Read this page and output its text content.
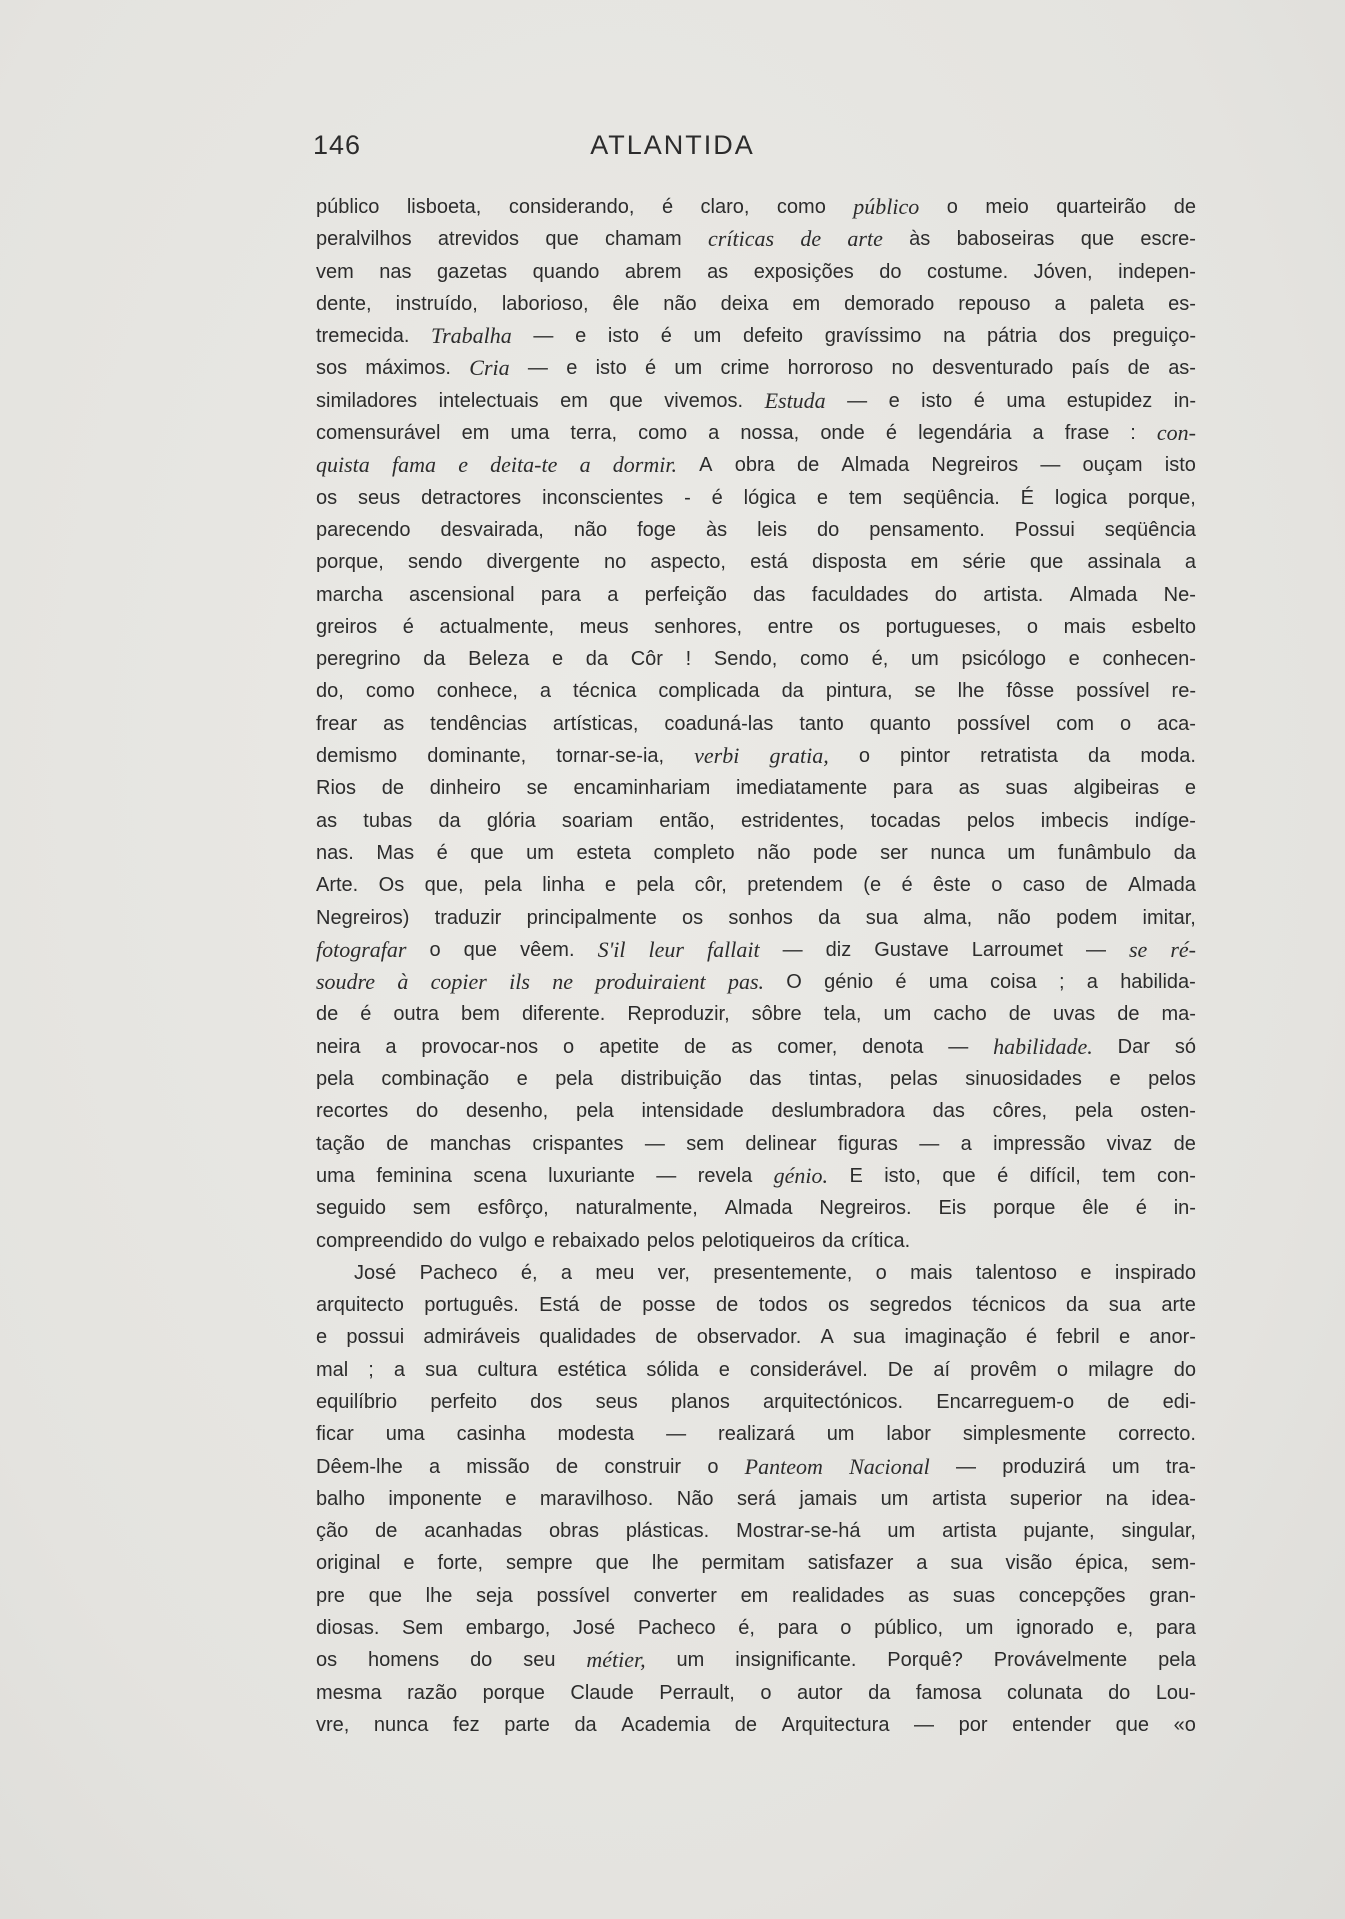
146	ATLANTIDA
público lisboeta, considerando, é claro, como público o meio quarteirão de
peralvilhos atrevidos que chamam críticas de arte às baboseiras que escre-
vem nas gazetas quando abrem as exposições do costume. Jóven, indepen-
dente, instruído, laborioso, êle não deixa em demorado repouso a paleta es-
tremecida. Trabalha — e isto é um defeito gravíssimo na pátria dos preguiço-
sos máximos. Cria — e isto é um crime horroroso no desventurado país de as-
similadores intelectuais em que vivemos. Estuda — e isto é uma estupidez in-
comensurável em uma terra, como a nossa, onde é legendária a frase : con-
quista fama e deita-te a dormir. A obra de Almada Negreiros — ouçam isto
os seus detractores inconscientes - é lógica e tem seqüência. É logica porque,
parecendo desvairada, não foge às leis do pensamento. Possui seqüência
porque, sendo divergente no aspecto, está disposta em série que assinala a
marcha ascensional para a perfeição das faculdades do artista. Almada Ne-
greiros é actualmente, meus senhores, entre os portugueses, o mais esbelto
peregrino da Beleza e da Côr ! Sendo, como é, um psicólogo e conhecen-
do, como conhece, a técnica complicada da pintura, se lhe fôsse possível re-
frear as tendências artísticas, coaduná-las tanto quanto possível com o aca-
demismo dominante, tornar-se-ia, verbi gratia, o pintor retratista da moda.
Rios de dinheiro se encaminhariam imediatamente para as suas algibeiras e
as tubas da glória soariam então, estridentes, tocadas pelos imbecis indíge-
nas. Mas é que um esteta completo não pode ser nunca um funâmbulo da
Arte. Os que, pela linha e pela côr, pretendem (e é êste o caso de Almada
Negreiros) traduzir principalmente os sonhos da sua alma, não podem imitar,
fotografar o que vêem. S'il leur fallait — diz Gustave Larroumet — se ré-
soudre à copier ils ne produiraient pas. O génio é uma coisa ; a habilida-
de é outra bem diferente. Reproduzir, sôbre tela, um cacho de uvas de ma-
neira a provocar-nos o apetite de as comer, denota — habilidade. Dar só
pela combinação e pela distribuição das tintas, pelas sinuosidades e pelos
recortes do desenho, pela intensidade deslumbradora das côres, pela osten-
tação de manchas crispantes — sem delinear figuras — a impressão vivaz de
uma feminina scena luxuriante — revela génio. E isto, que é difícil, tem con-
seguido sem esfôrço, naturalmente, Almada Negreiros. Eis porque êle é in-
compreendido do vulgo e rebaixado pelos pelotiqueiros da crítica.
José Pacheco é, a meu ver, presentemente, o mais talentoso e inspirado
arquitecto português. Está de posse de todos os segredos técnicos da sua arte
e possui admiráveis qualidades de observador. A sua imaginação é febril e anor-
mal ; a sua cultura estética sólida e considerável. De aí provêm o milagre do
equilíbrio perfeito dos seus planos arquitectónicos. Encarreguem-o de edi-
ficar uma casinha modesta — realizará um labor simplesmente correcto.
Dêem-lhe a missão de construir o Panteom Nacional — produzirá um tra-
balho imponente e maravilhoso. Não será jamais um artista superior na idea-
ção de acanhadas obras plásticas. Mostrar-se-há um artista pujante, singular,
original e forte, sempre que lhe permitam satisfazer a sua visão épica, sem-
pre que lhe seja possível converter em realidades as suas concepções gran-
diosas. Sem embargo, José Pacheco é, para o público, um ignorado e, para
os homens do seu métier, um insignificante. Porquê? Provávelmente pela
mesma razão porque Claude Perrault, o autor da famosa colunata do Lou-
vre, nunca fez parte da Academia de Arquitectura — por entender que «o
